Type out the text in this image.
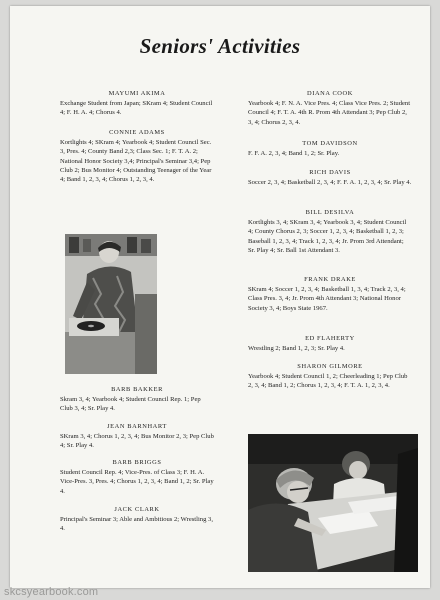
Seniors' Activities
MAYUMI AKIMA
Exchange Student from Japan; SKram 4; Student Council 4; F. H. A. 4; Chorus 4.
CONNIE ADAMS
Kortlights 4; SKram 4; Yearbook 4; Student Council Sec. 3, Pres. 4; County Band 2,3; Class Sec. 1; F. T. A. 2; National Honor Society 3,4; Principal's Seminar 3,4; Pep Club 2; Bus Monitor 4; Outstanding Teenager of the Year 4; Band 1, 2, 3, 4; Chorus 1, 2, 3, 4.
BARB BAKKER
Skram 3, 4; Yearbook 4; Student Council Rep. 1; Pep Club 3, 4; Sr. Play 4.
JEAN BARNHART
SKram 3, 4; Chorus 1, 2, 3, 4; Bus Monitor 2, 3; Pep Club 4; Sr. Play 4.
BARB BRIGGS
Student Council Rep. 4; Vice-Pres. of Class 3; F. H. A. Vice-Pres. 3, Pres. 4; Chorus 1, 2, 3, 4; Band 1, 2; Sr. Play 4.
JACK CLARK
Principal's Seminar 3; Able and Ambitious 2; Wrestling 3, 4.
DIANA COOK
Yearbook 4; F. N. A. Vice Pres. 4; Class Vice Pres. 2; Student Council 4; F. T. A. 4th R. Prom 4th Attendant 3; Pep Club 2, 3, 4; Chorus 2, 3, 4.
TOM DAVIDSON
F. F. A. 2, 3, 4; Band 1, 2; Sr. Play.
RICH DAVIS
Soccer 2, 3, 4; Basketball 2, 3, 4; F. F. A. 1, 2, 3, 4; Sr. Play 4.
BILL DESILVA
Kortlights 3, 4; SKram 3, 4; Yearbook 3, 4; Student Council 4; County Chorus 2, 3; Soccer 1, 2, 3, 4; Basketball 1, 2, 3; Baseball 1, 2, 3, 4; Track 1, 2, 3, 4; Jr. Prom 3rd Attendant; Sr. Play 4; Sr. Ball 1st Attendant 3.
FRANK DRAKE
SKram 4; Soccer 1, 2, 3, 4; Basketball 1, 3, 4; Track 2, 3, 4; Class Pres. 3, 4; Jr. Prom 4th Attendant 3; National Honor Society 3, 4; Boys State 1967.
ED FLAHERTY
Wrestling 2; Band 1, 2, 3; Sr. Play 4.
SHARON GILMORE
Yearbook 4; Student Council 1, 2; Cheerleading 1; Pep Club 2, 3, 4; Band 1, 2; Chorus 1, 2, 3, 4; F. T. A. 1, 2, 3, 4.
skcsyearbook.com
